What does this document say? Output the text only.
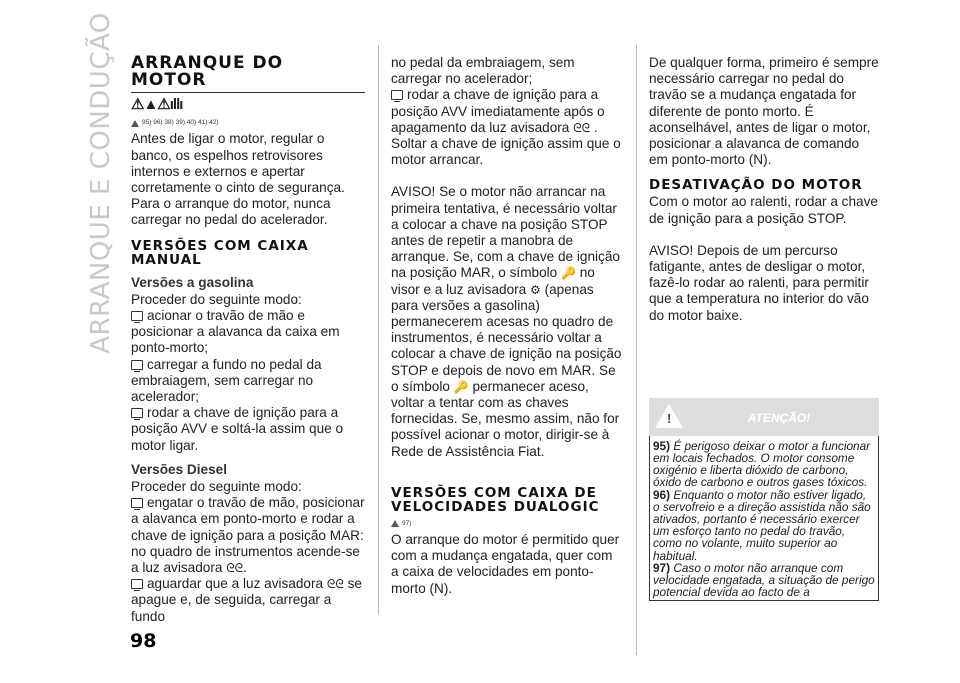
ARRANQUE E CONDUÇÃO ARRANQUE DO
MOTOR
⚠▲⚠ıllı
95) 96) 38) 39) 40) 41) 42)

Antes de ligar o motor, regular o banco, os espelhos retrovisores internos e externos e apertar corretamente o cinto de segurança. Para o arranque do motor, nunca carregar no pedal do acelerador.

VERSÕES COM CAIXA MANUAL
Versões a gasolina

Proceder do seguinte modo:

acionar o travão de mão e posicionar a alavanca da caixa em ponto-morto;

carregar a fundo no pedal da embraiagem, sem carregar no acelerador;

rodar a chave de ignição para a posição AVV e soltá-la assim que o motor ligar.

Versões Diesel

Proceder do seguinte modo:

engatar o travão de mão, posicionar a alavanca em ponto-morto e rodar a chave de ignição para a posição MAR: no quadro de instrumentos acende-se a luz avisadora ᘓᘓ.

aguardar que a luz avisadora ᘓᘓ se apague e, de seguida, carregar a fundo

no pedal da embraiagem, sem carregar no acelerador;

rodar a chave de ignição para a posição AVV imediatamente após o apagamento da luz avisadora ᘓᘓ .

Soltar a chave de ignição assim que o motor arrancar.

AVISO! Se o motor não arrancar na primeira tentativa, é necessário voltar a colocar a chave na posição STOP antes de repetir a manobra de arranque. Se, com a chave de ignição na posição MAR, o símbolo 🔑 no visor e a luz avisadora ⚙ (apenas para versões a gasolina) permanecerem acesas no quadro de instrumentos, é necessário voltar a colocar a chave de ignição na posição STOP e depois de novo em MAR. Se o símbolo 🔑 permanecer aceso, voltar a tentar com as chaves fornecidas. Se, mesmo assim, não for possível acionar o motor, dirigir-se à Rede de Assistência Fiat.

VERSÕES COM CAIXA DE VELOCIDADES DUALOGIC
97)

O arranque do motor é permitido quer com a mudança engatada, quer com a caixa de velocidades em ponto-morto (N).

De qualquer forma, primeiro é sempre necessário carregar no pedal do travão se a mudança engatada for diferente de ponto morto. É aconselhável, antes de ligar o motor, posicionar a alavanca de comando em ponto-morto (N).

DESATIVAÇÃO DO MOTOR

Com o motor ao ralenti, rodar a chave de ignição para a posição STOP.

AVISO! Depois de um percurso fatigante, antes de desligar o motor, fazê-lo rodar ao ralenti, para permitir que a temperatura no interior do vão do motor baixe.

!	ATENÇÃO!

95) É perigoso deixar o motor a funcionar em locais fechados. O motor consome oxigénio e liberta dióxido de carbono, óxido de carbono e outros gases tóxicos.

96) Enquanto o motor não estiver ligado, o servofreio e a direção assistida não são ativados, portanto é necessário exercer um esforço tanto no pedal do travão, como no volante, muito superior ao habitual.

97) Caso o motor não arranque com velocidade engatada, a situação de perigo potencial devida ao facto de a

98
